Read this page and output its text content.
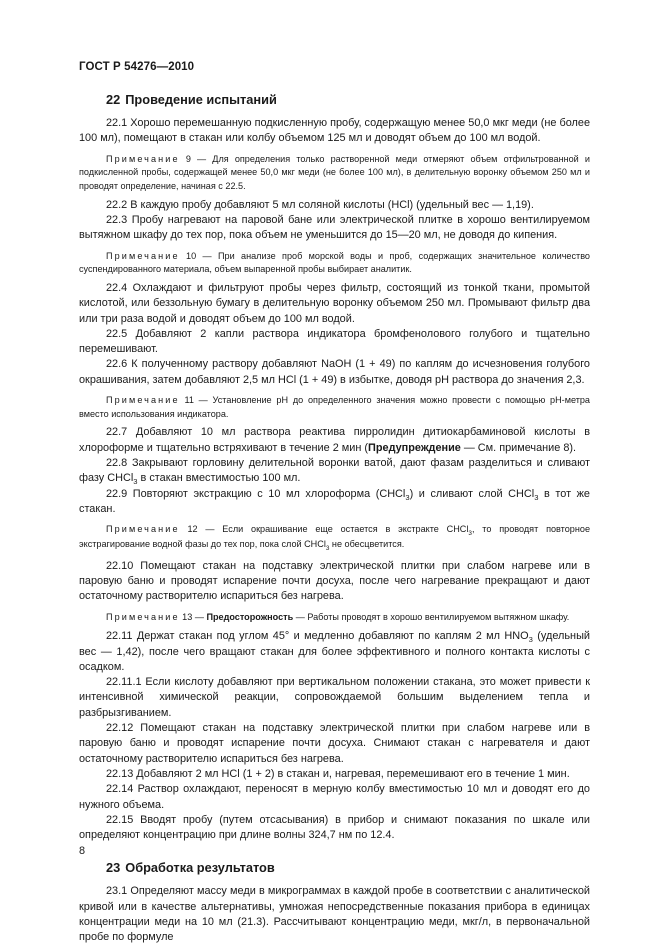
ГОСТ Р 54276—2010
22 Проведение испытаний

22.1 Хорошо перемешанную подкисленную пробу, содержащую менее 50,0 мкг меди (не более 100 мл), помещают в стакан или колбу объемом 125 мл и доводят объем до 100 мл водой.

Примечание 9 — Для определения только растворенной меди отмеряют объем отфильтрованной и подкисленной пробы, содержащей менее 50,0 мкг меди (не более 100 мл), в делительную воронку объемом 250 мл и проводят определение, начиная с 22.5.

22.2 В каждую пробу добавляют 5 мл соляной кислоты (HCl) (удельный вес — 1,19).

22.3 Пробу нагревают на паровой бане или электрической плитке в хорошо вентилируемом вытяжном шкафу до тех пор, пока объем не уменьшится до 15—20 мл, не доводя до кипения.

Примечание 10 — При анализе проб морской воды и проб, содержащих значительное количество суспендированного материала, объем выпаренной пробы выбирает аналитик.

22.4 Охлаждают и фильтруют пробы через фильтр, состоящий из тонкой ткани, промытой кислотой, или беззольную бумагу в делительную воронку объемом 250 мл. Промывают фильтр два или три раза водой и доводят объем до 100 мл водой.

22.5 Добавляют 2 капли раствора индикатора бромфенолового голубого и тщательно перемешивают.

22.6 К полученному раствору добавляют NaOH (1 + 49) по каплям до исчезновения голубого окрашивания, затем добавляют 2,5 мл HCl (1 + 49) в избытке, доводя pH раствора до значения 2,3.

Примечание 11 — Установление pH до определенного значения можно провести с помощью pH-метра вместо использования индикатора.

22.7 Добавляют 10 мл раствора реактива пирролидин дитиокарбаминовой кислоты в хлороформе и тщательно встряхивают в течение 2 мин (Предупреждение — См. примечание 8).

22.8 Закрывают горловину делительной воронки ватой, дают фазам разделиться и сливают фазу CHCl$_3$ в стакан вместимостью 100 мл.

22.9 Повторяют экстракцию с 10 мл хлороформа (CHCl$_3$) и сливают слой CHCl$_3$ в тот же стакан.

Примечание 12 — Если окрашивание еще остается в экстракте CHCl$_3$, то проводят повторное экстрагирование водной фазы до тех пор, пока слой CHCl$_3$ не обесцветится.

22.10 Помещают стакан на подставку электрической плитки при слабом нагреве или в паровую баню и проводят испарение почти досуха, после чего нагревание прекращают и дают остаточному растворителю испариться без нагрева.

Примечание 13 — Предосторожность — Работы проводят в хорошо вентилируемом вытяжном шкафу.

22.11 Держат стакан под углом 45° и медленно добавляют по каплям 2 мл $HNO_3$ (удельный вес — 1,42), после чего вращают стакан для более эффективного и полного контакта кислоты с осадком.

22.11.1 Если кислоту добавляют при вертикальном положении стакана, это может привести к интенсивной химической реакции, сопровождаемой большим выделением тепла и разбрызгиванием.

22.12 Помещают стакан на подставку электрической плитки при слабом нагреве или в паровую баню и проводят испарение почти досуха. Снимают стакан с нагревателя и дают остаточному растворителю испариться без нагрева.

22.13 Добавляют 2 мл HCl (1 + 2) в стакан и, нагревая, перемешивают его в течение 1 мин.

22.14 Раствор охлаждают, переносят в мерную колбу вместимостью 10 мл и доводят его до нужного объема.

22.15 Вводят пробу (путем отсасывания) в прибор и снимают показания по шкале или определяют концентрацию при длине волны 324,7 нм по 12.4.

23 Обработка результатов

23.1 Определяют массу меди в микрограммах в каждой пробе в соответствии с аналитической кривой или в качестве альтернативы, умножая непосредственные показания прибора в единицах концентрации меди на 10 мл (21.3). Рассчитывают концентрацию меди, мкг/л, в первоначальной пробе по формуле

8
